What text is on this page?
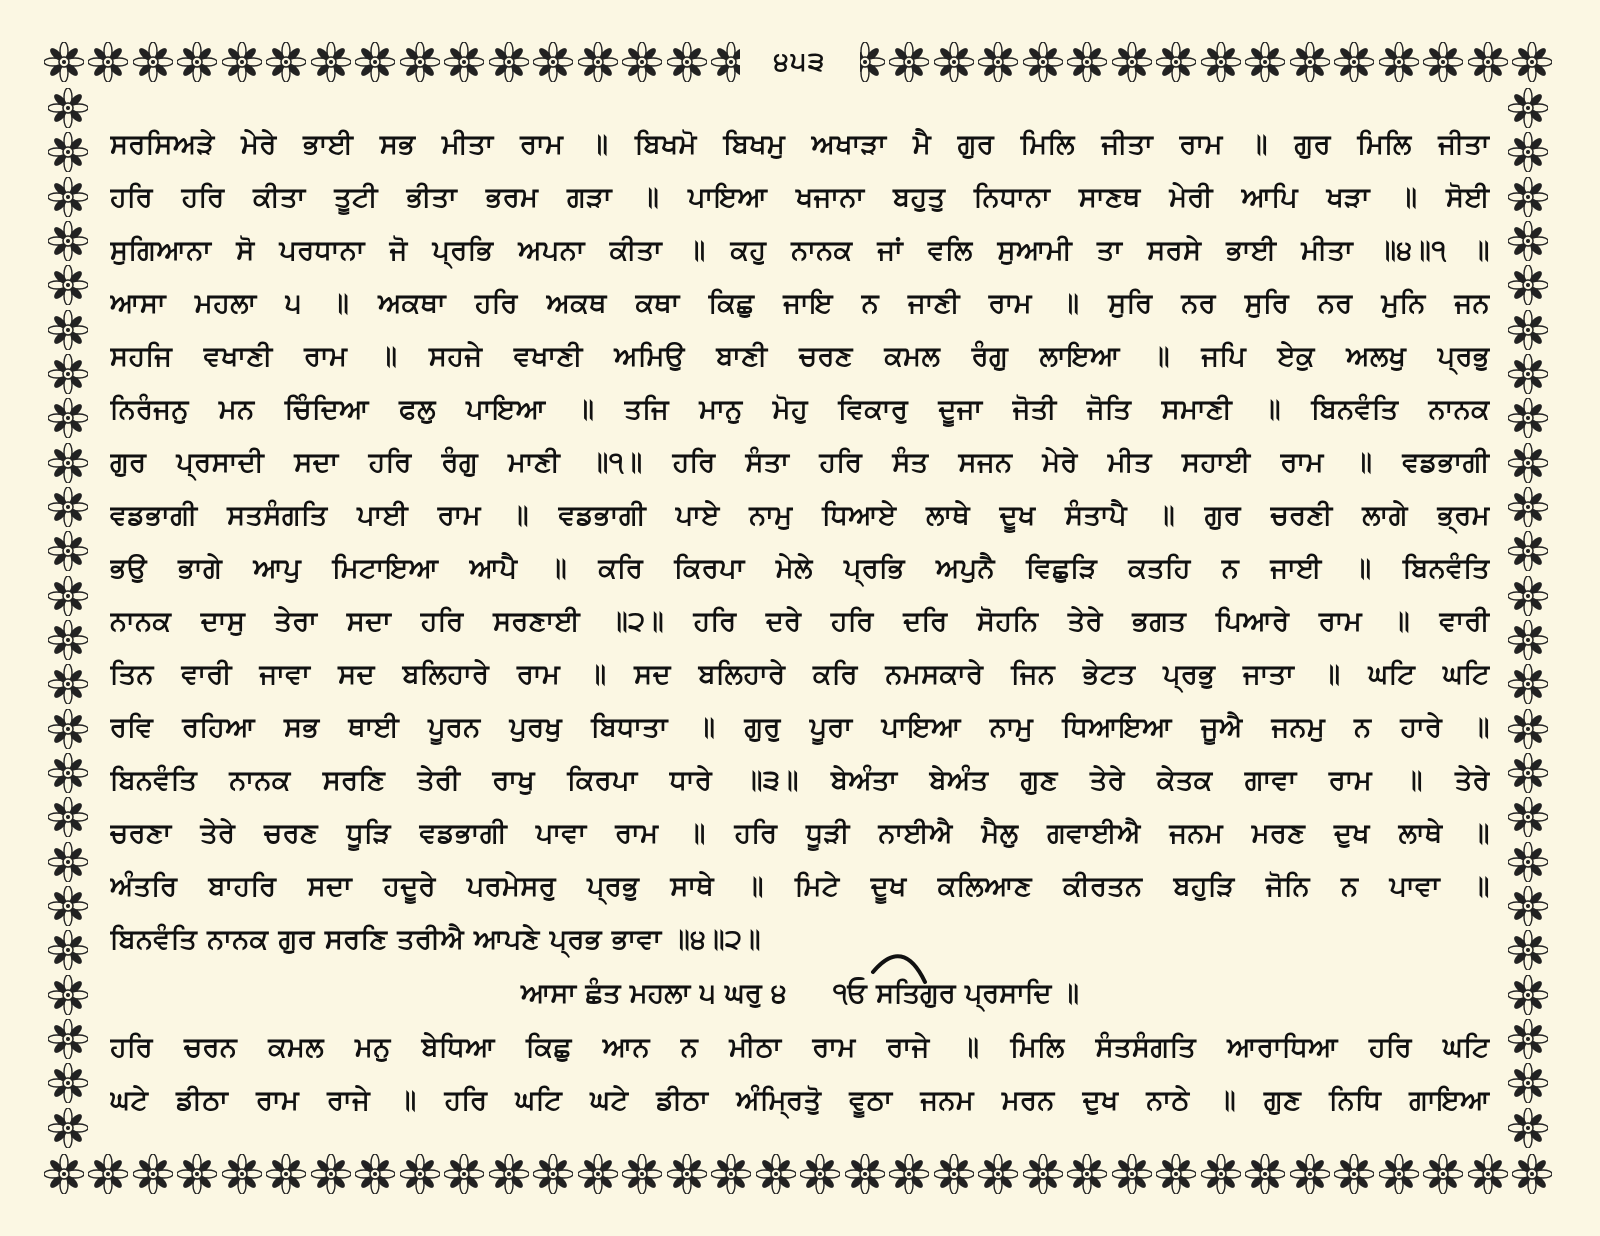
੪੫੩
ਸਰਸਿਅੜੇ ਮੇਰੇ ਭਾਈ ਸਭ ਮੀਤਾ ਰਾਮ ॥ ਬਿਖਮੋ ਬਿਖਮੁ ਅਖਾੜਾ ਮੈ ਗੁਰ ਮਿਲਿ ਜੀਤਾ ਰਾਮ ॥ ਗੁਰ ਮਿਲਿ ਜੀਤਾ
ਹਰਿ ਹਰਿ ਕੀਤਾ ਤੂਟੀ ਭੀਤਾ ਭਰਮ ਗੜਾ ॥ ਪਾਇਆ ਖਜਾਨਾ ਬਹੁਤੁ ਨਿਧਾਨਾ ਸਾਣਥ ਮੇਰੀ ਆਪਿ ਖੜਾ ॥ ਸੋਈ
ਸੁਗਿਆਨਾ ਸੋ ਪਰਧਾਨਾ ਜੋ ਪ੍ਰਭਿ ਅਪਨਾ ਕੀਤਾ ॥ ਕਹੁ ਨਾਨਕ ਜਾਂ ਵਲਿ ਸੁਆਮੀ ਤਾ ਸਰਸੇ ਭਾਈ ਮੀਤਾ ॥੪॥੧ ॥
ਆਸਾ ਮਹਲਾ ੫ ॥ ਅਕਥਾ ਹਰਿ ਅਕਥ ਕਥਾ ਕਿਛੁ ਜਾਇ ਨ ਜਾਣੀ ਰਾਮ ॥ ਸੁਰਿ ਨਰ ਸੁਰਿ ਨਰ ਮੁਨਿ ਜਨ
ਸਹਜਿ ਵਖਾਣੀ ਰਾਮ ॥ ਸਹਜੇ ਵਖਾਣੀ ਅਮਿਉ ਬਾਣੀ ਚਰਣ ਕਮਲ ਰੰਗੁ ਲਾਇਆ ॥ ਜਪਿ ਏਕੁ ਅਲਖੁ ਪ੍ਰਭੁ
ਨਿਰੰਜਨੁ ਮਨ ਚਿੰਦਿਆ ਫਲੁ ਪਾਇਆ ॥ ਤਜਿ ਮਾਨੁ ਮੋਹੁ ਵਿਕਾਰੁ ਦੂਜਾ ਜੋਤੀ ਜੋਤਿ ਸਮਾਣੀ ॥ ਬਿਨਵੰਤਿ ਨਾਨਕ
ਗੁਰ ਪ੍ਰਸਾਦੀ ਸਦਾ ਹਰਿ ਰੰਗੁ ਮਾਣੀ ॥੧॥ ਹਰਿ ਸੰਤਾ ਹਰਿ ਸੰਤ ਸਜਨ ਮੇਰੇ ਮੀਤ ਸਹਾਈ ਰਾਮ ॥ ਵਡਭਾਗੀ
ਵਡਭਾਗੀ ਸਤਸੰਗਤਿ ਪਾਈ ਰਾਮ ॥ ਵਡਭਾਗੀ ਪਾਏ ਨਾਮੁ ਧਿਆਏ ਲਾਥੇ ਦੂਖ ਸੰਤਾਪੈ ॥ ਗੁਰ ਚਰਣੀ ਲਾਗੇ ਭ੍ਰਮ
ਭਉ ਭਾਗੇ ਆਪੁ ਮਿਟਾਇਆ ਆਪੈ ॥ ਕਰਿ ਕਿਰਪਾ ਮੇਲੇ ਪ੍ਰਭਿ ਅਪੁਨੈ ਵਿਛੁੜਿ ਕਤਹਿ ਨ ਜਾਈ ॥ ਬਿਨਵੰਤਿ
ਨਾਨਕ ਦਾਸੁ ਤੇਰਾ ਸਦਾ ਹਰਿ ਸਰਣਾਈ ॥੨॥ ਹਰਿ ਦਰੇ ਹਰਿ ਦਰਿ ਸੋਹਨਿ ਤੇਰੇ ਭਗਤ ਪਿਆਰੇ ਰਾਮ ॥ ਵਾਰੀ
ਤਿਨ ਵਾਰੀ ਜਾਵਾ ਸਦ ਬਲਿਹਾਰੇ ਰਾਮ ॥ ਸਦ ਬਲਿਹਾਰੇ ਕਰਿ ਨਮਸਕਾਰੇ ਜਿਨ ਭੇਟਤ ਪ੍ਰਭੁ ਜਾਤਾ ॥ ਘਟਿ ਘਟਿ
ਰਵਿ ਰਹਿਆ ਸਭ ਥਾਈ ਪੂਰਨ ਪੁਰਖੁ ਬਿਧਾਤਾ ॥ ਗੁਰੁ ਪੂਰਾ ਪਾਇਆ ਨਾਮੁ ਧਿਆਇਆ ਜੂਐ ਜਨਮੁ ਨ ਹਾਰੇ ॥
ਬਿਨਵੰਤਿ ਨਾਨਕ ਸਰਣਿ ਤੇਰੀ ਰਾਖੁ ਕਿਰਪਾ ਧਾਰੇ ॥੩॥ ਬੇਅੰਤਾ ਬੇਅੰਤ ਗੁਣ ਤੇਰੇ ਕੇਤਕ ਗਾਵਾ ਰਾਮ ॥ ਤੇਰੇ
ਚਰਣਾ ਤੇਰੇ ਚਰਣ ਧੂੜਿ ਵਡਭਾਗੀ ਪਾਵਾ ਰਾਮ ॥ ਹਰਿ ਧੂੜੀ ਨਾਈਐ ਮੈਲੁ ਗਵਾਈਐ ਜਨਮ ਮਰਣ ਦੁਖ ਲਾਥੇ ॥
ਅੰਤਰਿ ਬਾਹਰਿ ਸਦਾ ਹਦੂਰੇ ਪਰਮੇਸਰੁ ਪ੍ਰਭੁ ਸਾਥੇ ॥ ਮਿਟੇ ਦੂਖ ਕਲਿਆਣ ਕੀਰਤਨ ਬਹੁੜਿ ਜੋਨਿ ਨ ਪਾਵਾ ॥
ਬਿਨਵੰਤਿ ਨਾਨਕ ਗੁਰ ਸਰਣਿ ਤਰੀਐ ਆਪਣੇ ਪ੍ਰਭ ਭਾਵਾ ॥੪॥੨॥
ਆਸਾ ਛੰਤ ਮਹਲਾ ੫ ਘਰੁ ੪ ੧ਓ ਸਤਿਗੁਰ ਪ੍ਰਸਾਦਿ ॥
ਹਰਿ ਚਰਨ ਕਮਲ ਮਨੁ ਬੇਧਿਆ ਕਿਛੁ ਆਨ ਨ ਮੀਠਾ ਰਾਮ ਰਾਜੇ ॥ ਮਿਲਿ ਸੰਤਸੰਗਤਿ ਆਰਾਧਿਆ ਹਰਿ ਘਟਿ
ਘਟੇ ਡੀਠਾ ਰਾਮ ਰਾਜੇ ॥ ਹਰਿ ਘਟਿ ਘਟੇ ਡੀਠਾ ਅੰਮ੍ਰਿਤੋੁ ਵੂਠਾ ਜਨਮ ਮਰਨ ਦੁਖ ਨਾਠੇ ॥ ਗੁਣ ਨਿਧਿ ਗਾਇਆ
